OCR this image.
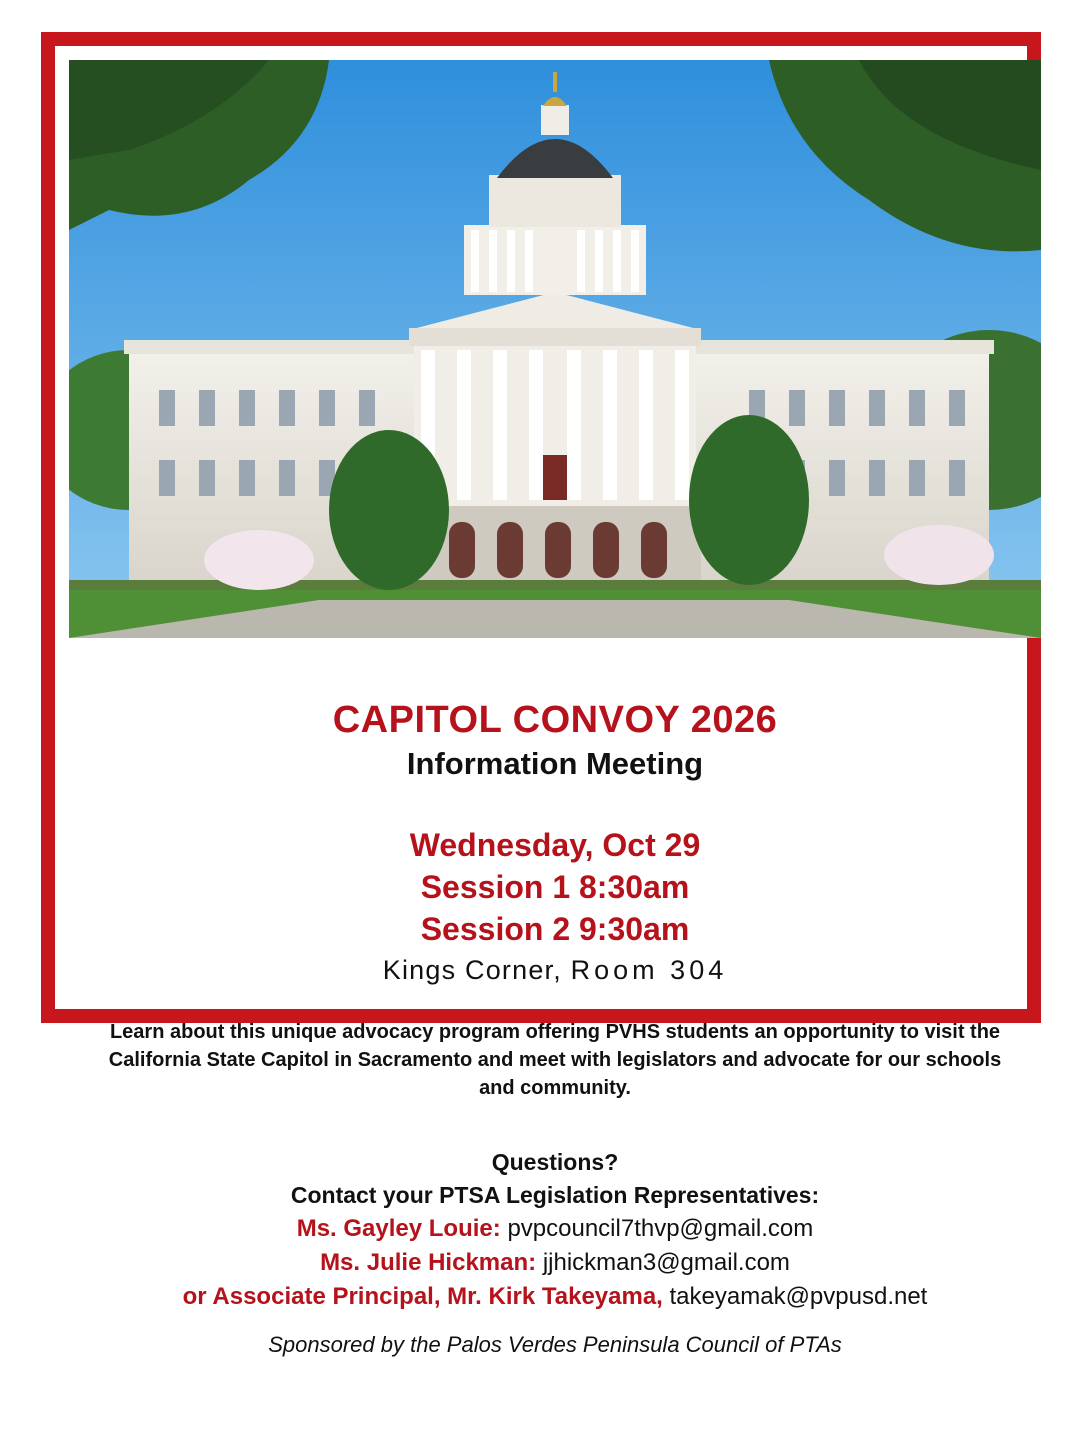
CAPITOL CONVOY 2026
Information Meeting
Wednesday, Oct 29
Session 1 8:30am
Session 2 9:30am
Kings Corner, Room 304
Learn about this unique advocacy program offering PVHS students an opportunity to visit the California State Capitol in Sacramento and meet with legislators and advocate for our schools and community.
Questions?
Contact your PTSA Legislation Representatives:
Ms. Gayley Louie: pvpcouncil7thvp@gmail.com
Ms. Julie Hickman: jjhickman3@gmail.com
or Associate Principal, Mr. Kirk Takeyama, takeyamak@pvpusd.net
Sponsored by the Palos Verdes Peninsula Council of PTAs
